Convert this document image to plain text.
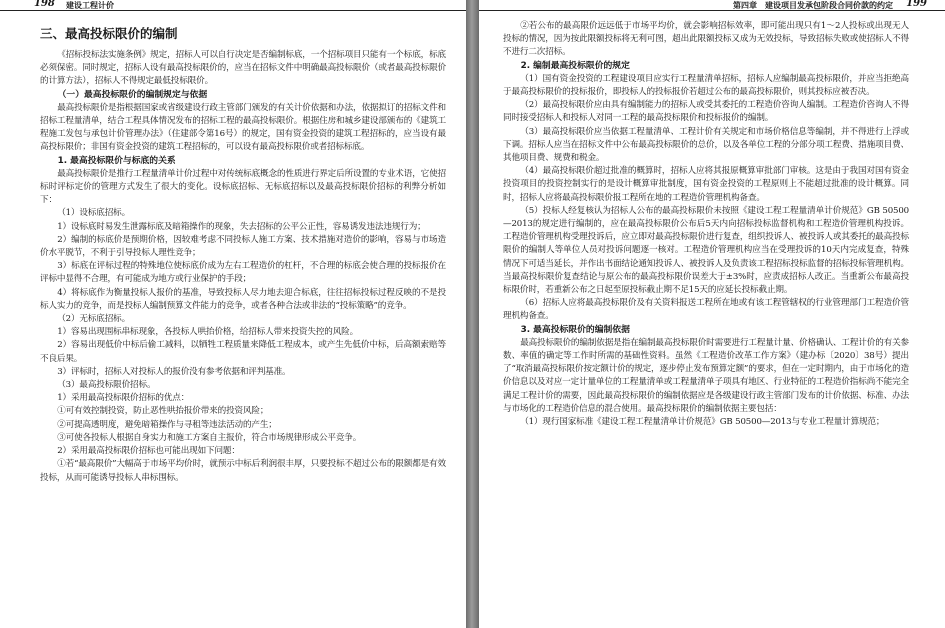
198 建设工程计价
三、最高投标限价的编制
《招标投标法实施条例》规定，招标人可以自行决定是否编制标底，一个招标项目只能有一个标底，标底必须保密。同时规定，招标人设有最高投标限价的，应当在招标文件中明确最高投标限价（或者最高投标限价的计算方法），招标人不得规定最低投标限价。
（一）最高投标限价的编制规定与依据
最高投标限价是指根据国家或省级建设行政主管部门颁发的有关计价依据和办法，依据拟订的招标文件和招标工程量清单，结合工程具体情况发布的招标工程的最高投标限价。根据住房和城乡建设部颁布的《建筑工程施工发包与承包计价管理办法》（住建部令第16号）的规定，国有资金投资的建筑工程招标的，应当设有最高投标限价；非国有资金投资的建筑工程招标的，可以设有最高投标限价或者招标标底。
1. 最高投标限价与标底的关系
最高投标限价是推行工程量清单计价过程中对传统标底概念的性质进行界定后所设置的专业术语，它使招标时评标定价的管理方式发生了很大的变化。设标底招标、无标底招标以及最高投标限价招标的利弊分析如下：
（1）设标底招标。
1）设标底时易发生泄露标底及暗箱操作的现象，失去招标的公平公正性，容易诱发违法违规行为；
2）编制的标底价是预期价格，因较难考虑不同投标人施工方案、技术措施对造价的影响，容易与市场造价水平脱节，不利于引导投标人理性竞争；
3）标底在评标过程的特殊地位使标底价成为左右工程造价的杠杆，不合理的标底会使合理的投标报价在评标中显得不合理，有可能成为地方或行业保护的手段；
4）将标底作为衡量投标人报价的基准，导致投标人尽力地去迎合标底，往往招标投标过程反映的不是投标人实力的竞争，而是投标人编制预算文件能力的竞争，或者各种合法或非法的“投标策略”的竞争。
（2）无标底招标。
1）容易出现围标串标现象，各投标人哄抬价格，给招标人带来投资失控的风险。
2）容易出现低价中标后偷工减料，以牺牲工程质量来降低工程成本，或产生先低价中标，后高额索赔等不良后果。
3）评标时，招标人对投标人的报价没有参考依据和评判基准。
（3）最高投标限价招标。
1）采用最高投标限价招标的优点：
①可有效控制投资，防止恶性哄抬报价带来的投资风险；
②可提高透明度，避免暗箱操作与寻租等违法活动的产生；
③可使各投标人根据自身实力和施工方案自主报价，符合市场规律形成公平竞争。
2）采用最高投标限价招标也可能出现如下问题：
①若“最高限价”大幅高于市场平均价时，就预示中标后利润很丰厚，只要投标不超过公布的限额都是有效投标，从而可能诱导投标人串标围标。
第四章　建设项目发承包阶段合同价款的约定 199
②若公布的最高限价远远低于市场平均价，就会影响招标效率，即可能出现只有1～2人投标或出现无人投标的情况，因为按此限额投标将无利可图，超出此限额投标又成为无效投标，导致招标失败或使招标人不得不进行二次招标。
2. 编制最高投标限价的规定
（1）国有资金投资的工程建设项目应实行工程量清单招标，招标人应编制最高投标限价，并应当拒绝高于最高投标限价的投标报价，即投标人的投标报价若超过公布的最高投标限价，则其投标应被否决。
（2）最高投标限价应由具有编制能力的招标人或受其委托的工程造价咨询人编制。工程造价咨询人不得同时接受招标人和投标人对同一工程的最高投标限价和投标报价的编制。
（3）最高投标限价应当依据工程量清单、工程计价有关规定和市场价格信息等编制，并不得进行上浮或下调。招标人应当在招标文件中公布最高投标限价的总价，以及各单位工程的分部分项工程费、措施项目费、其他项目费、规费和税金。
（4）最高投标限价超过批准的概算时，招标人应将其报原概算审批部门审核。这是由于我国对国有资金投资项目的投资控制实行的是设计概算审批制度，国有资金投资的工程原则上不能超过批准的设计概算。同时，招标人应将最高投标限价报工程所在地的工程造价管理机构备查。
（5）投标人经复核认为招标人公布的最高投标限价未按照《建设工程工程量清单计价规范》GB 50500—2013的规定进行编制的，应在最高投标限价公布后5天内向招标投标监督机构和工程造价管理机构投诉。工程造价管理机构受理投诉后，应立即对最高投标限价进行复查，组织投诉人、被投诉人或其委托的最高投标限价的编制人等单位人员对投诉问题逐一核对。工程造价管理机构应当在受理投诉的10天内完成复查，特殊情况下可适当延长，并作出书面结论通知投诉人、被投诉人及负责该工程招标投标监督的招标投标管理机构。当最高投标限价复查结论与原公布的最高投标限价误差大于±3%时，应责成招标人改正。当重新公布最高投标限价时，若重新公布之日起至原投标截止期不足15天的应延长投标截止期。
（6）招标人应将最高投标限价及有关资料报送工程所在地或有该工程管辖权的行业管理部门工程造价管理机构备查。
3. 最高投标限价的编制依据
最高投标限价的编制依据是指在编制最高投标限价时需要进行工程量计量、价格确认、工程计价的有关参数、率值的确定等工作时所需的基础性资料。虽然《工程造价改革工作方案》（建办标〔2020〕38号）提出了“取消最高投标限价按定额计价的规定，逐步停止发布预算定额”的要求，但在一定时期内，由于市场化的造价信息以及对应一定计量单位的工程量清单或工程量清单子项具有地区、行业特征的工程造价指标尚不能完全满足工程计价的需要，因此最高投标限价的编制依据应是各级建设行政主管部门发布的计价依据、标准、办法与市场化的工程造价信息的混合使用。最高投标限价的编制依据主要包括：
（1）现行国家标准《建设工程工程量清单计价规范》GB 50500—2013与专业工程量计算规范；
